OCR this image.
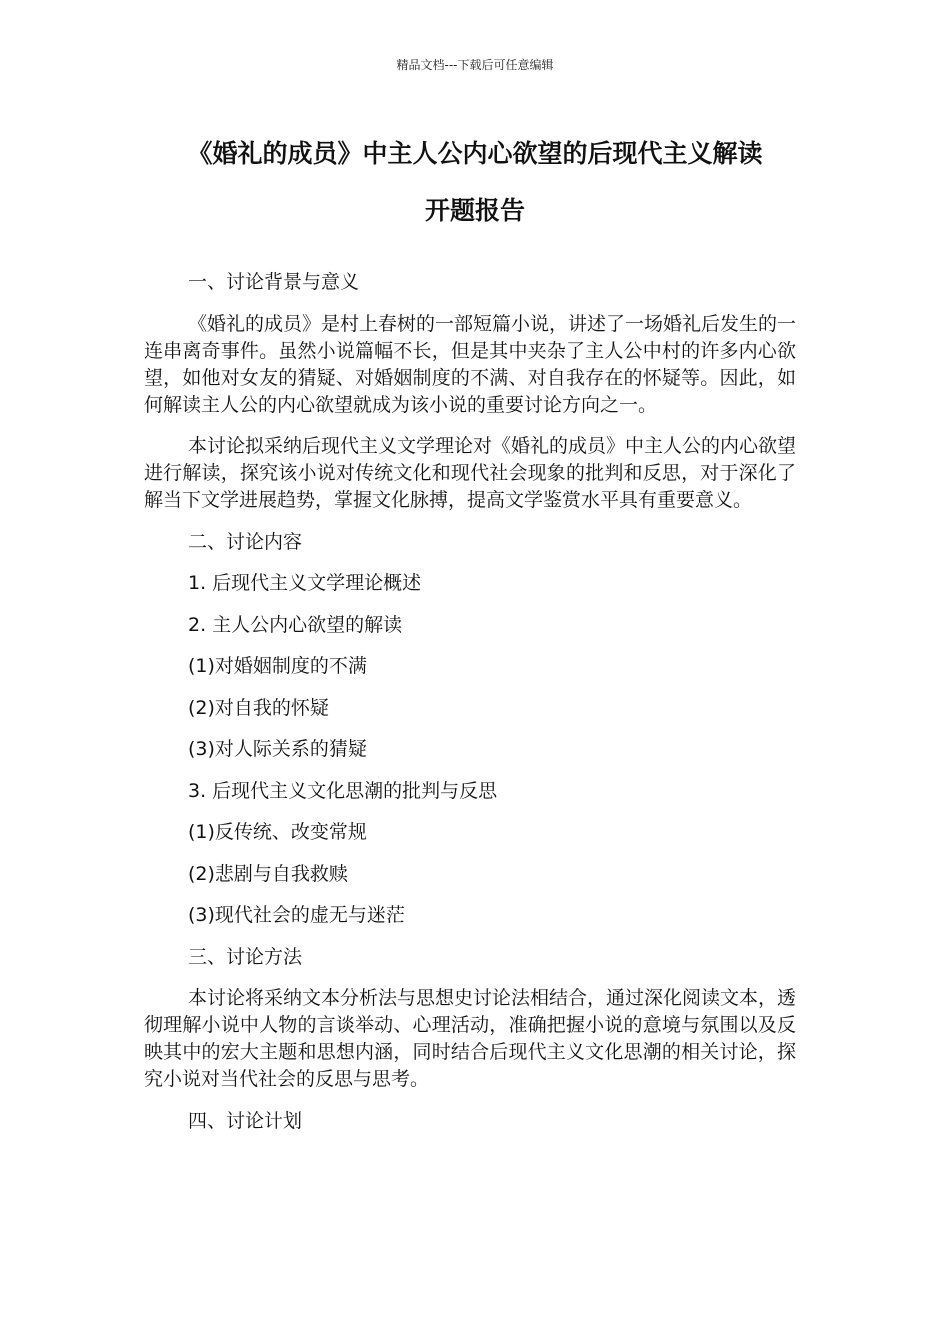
精品文档---下载后可任意编辑
《婚礼的成员》中主人公内心欲望的后现代主义解读
开题报告

一、讨论背景与意义

《婚礼的成员》是村上春树的一部短篇小说，讲述了一场婚礼后发生的一连串离奇事件。虽然小说篇幅不长，但是其中夹杂了主人公中村的许多内心欲望，如他对女友的猜疑、对婚姻制度的不满、对自我存在的怀疑等。因此，如何解读主人公的内心欲望就成为该小说的重要讨论方向之一。

本讨论拟采纳后现代主义文学理论对《婚礼的成员》中主人公的内心欲望进行解读，探究该小说对传统文化和现代社会现象的批判和反思，对于深化了解当下文学进展趋势，掌握文化脉搏，提高文学鉴赏水平具有重要意义。

二、讨论内容

1. 后现代主义文学理论概述

2. 主人公内心欲望的解读

(1)对婚姻制度的不满

(2)对自我的怀疑

(3)对人际关系的猜疑

3. 后现代主义文化思潮的批判与反思

(1)反传统、改变常规

(2)悲剧与自我救赎

(3)现代社会的虚无与迷茫

三、讨论方法

本讨论将采纳文本分析法与思想史讨论法相结合，通过深化阅读文本，透彻理解小说中人物的言谈举动、心理活动，准确把握小说的意境与氛围以及反映其中的宏大主题和思想内涵，同时结合后现代主义文化思潮的相关讨论，探究小说对当代社会的反思与思考。

四、讨论计划
